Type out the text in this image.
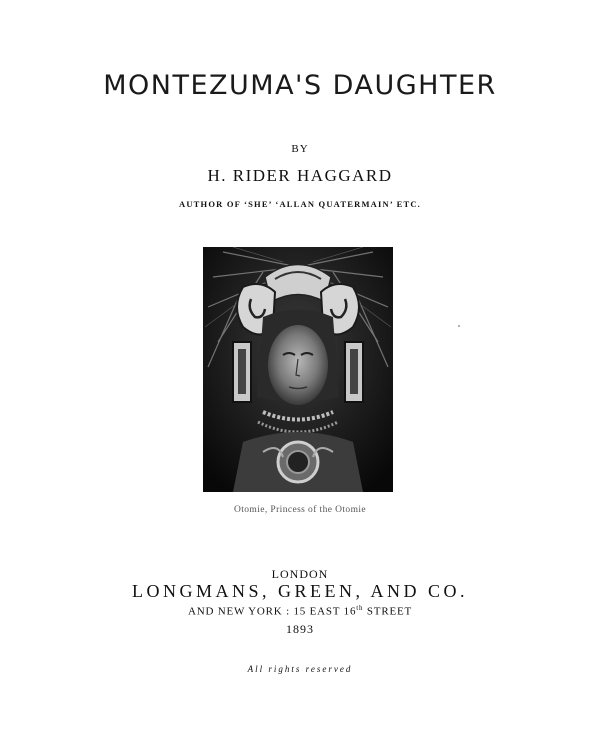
MONTEZUMA'S DAUGHTER
BY
H. RIDER HAGGARD
AUTHOR OF ‘SHE’ ‘ALLAN QUATERMAIN’ ETC.
Otomie, Princess of the Otomie
LONDON
LONGMANS, GREEN, AND CO.
AND NEW YORK : 15 EAST 16th STREET
1893
All rights reserved
